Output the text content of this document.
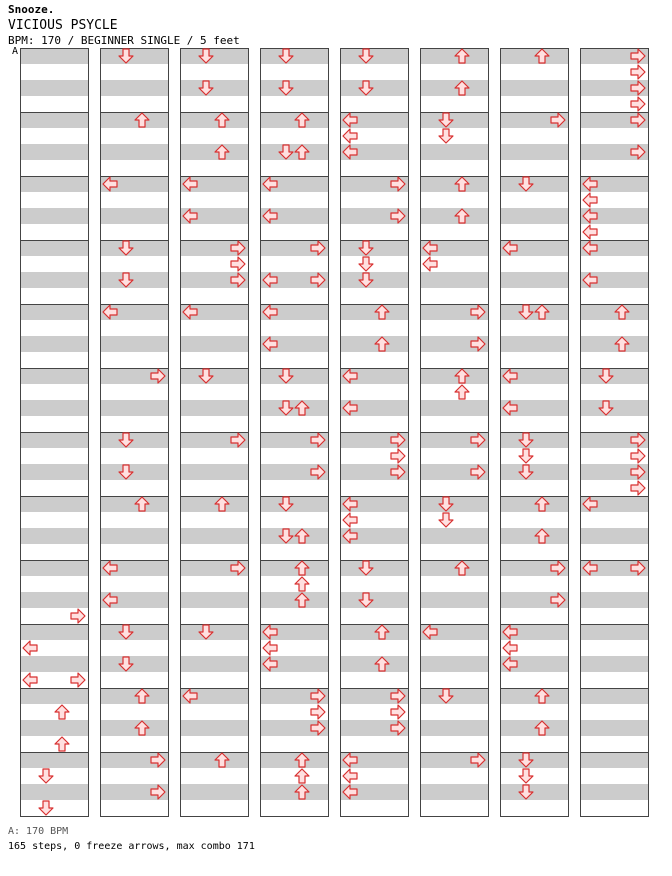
Snooze.
VICIOUS PSYCLE
BPM: 170 / BEGINNER SINGLE / 5 feet
A
A: 170 BPM
165 steps, 0 freeze arrows, max combo 171
